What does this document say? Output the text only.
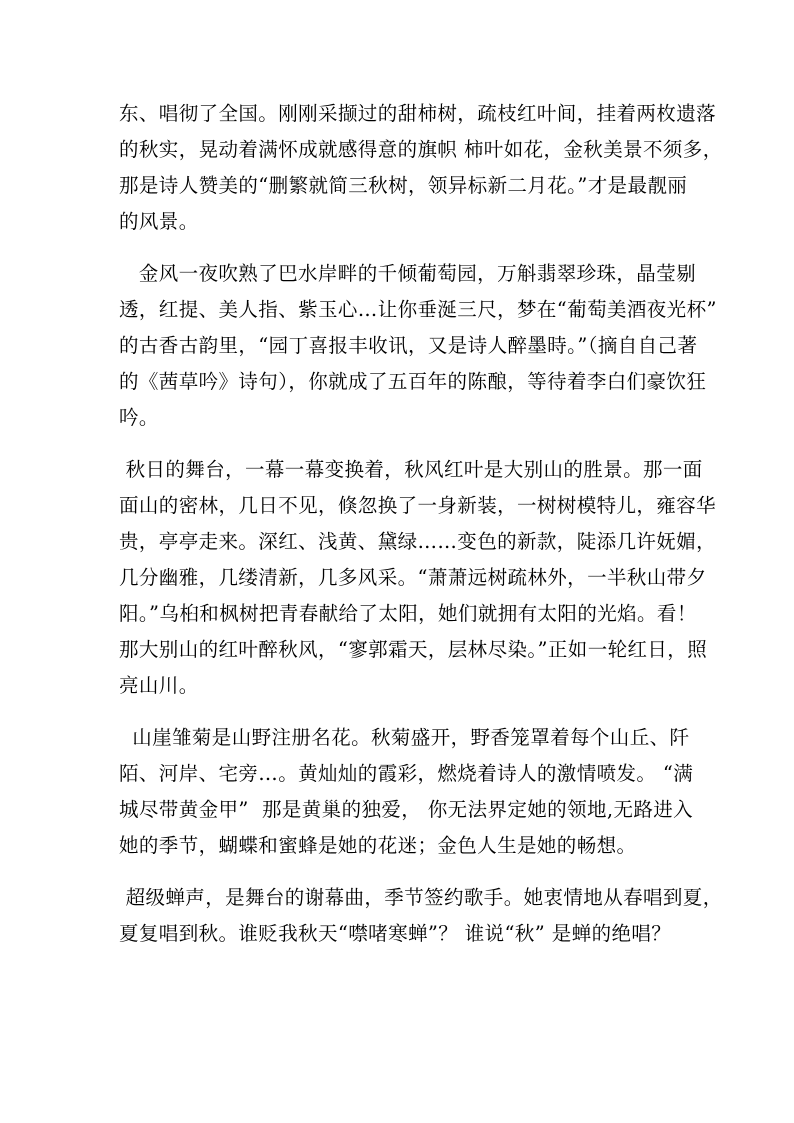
东、唱彻了全国。刚刚采撷过的甜柿树，疏枝红叶间，挂着两枚遗落
的秋实，晃动着满怀成就感得意的旗帜 柿叶如花，金秋美景不须多，
那是诗人赞美的“删繁就简三秋树，领异标新二月花。”才是最靓丽
的风景。
金风一夜吹熟了巴水岸畔的千倾葡萄园，万斛翡翠珍珠，晶莹剔
透，红提、美人指、紫玉心…让你垂涎三尺，梦在“葡萄美酒夜光杯”
的古香古韵里，“园丁喜报丰收讯，又是诗人醉墨時。”（摘自自己著
的《茜草吟》诗句），你就成了五百年的陈酿，等待着李白们豪饮狂
吟。
秋日的舞台，一幕一幕变换着，秋风红叶是大别山的胜景。那一面
面山的密林，几日不见，倏忽换了一身新装，一树树模特儿，雍容华
贵，亭亭走来。深红、浅黄、黛绿……变色的新款，陡添几许妩媚，
几分幽雅，几缕清新，几多风采。“萧萧远树疏林外，一半秋山带夕
阳。”乌桕和枫树把青春献给了太阳，她们就拥有太阳的光焰。看！
那大别山的红叶醉秋风，“寥郭霜天，层林尽染。”正如一轮红日，照
亮山川。
山崖雏菊是山野注册名花。秋菊盛开，野香笼罩着每个山丘、阡
陌、河岸、宅旁…。黄灿灿的霞彩，燃烧着诗人的激情喷发。 “满
城尽带黄金甲”  那是黄巢的独爱， 你无法界定她的领地,无路进入
她的季节，蝴蝶和蜜蜂是她的花迷；金色人生是她的畅想。
超级蝉声，是舞台的谢幕曲，季节签约歌手。她衷情地从春唱到夏，
夏复唱到秋。谁贬我秋天“噤啫寒蝉”？ 谁说“秋” 是蝉的绝唱？
